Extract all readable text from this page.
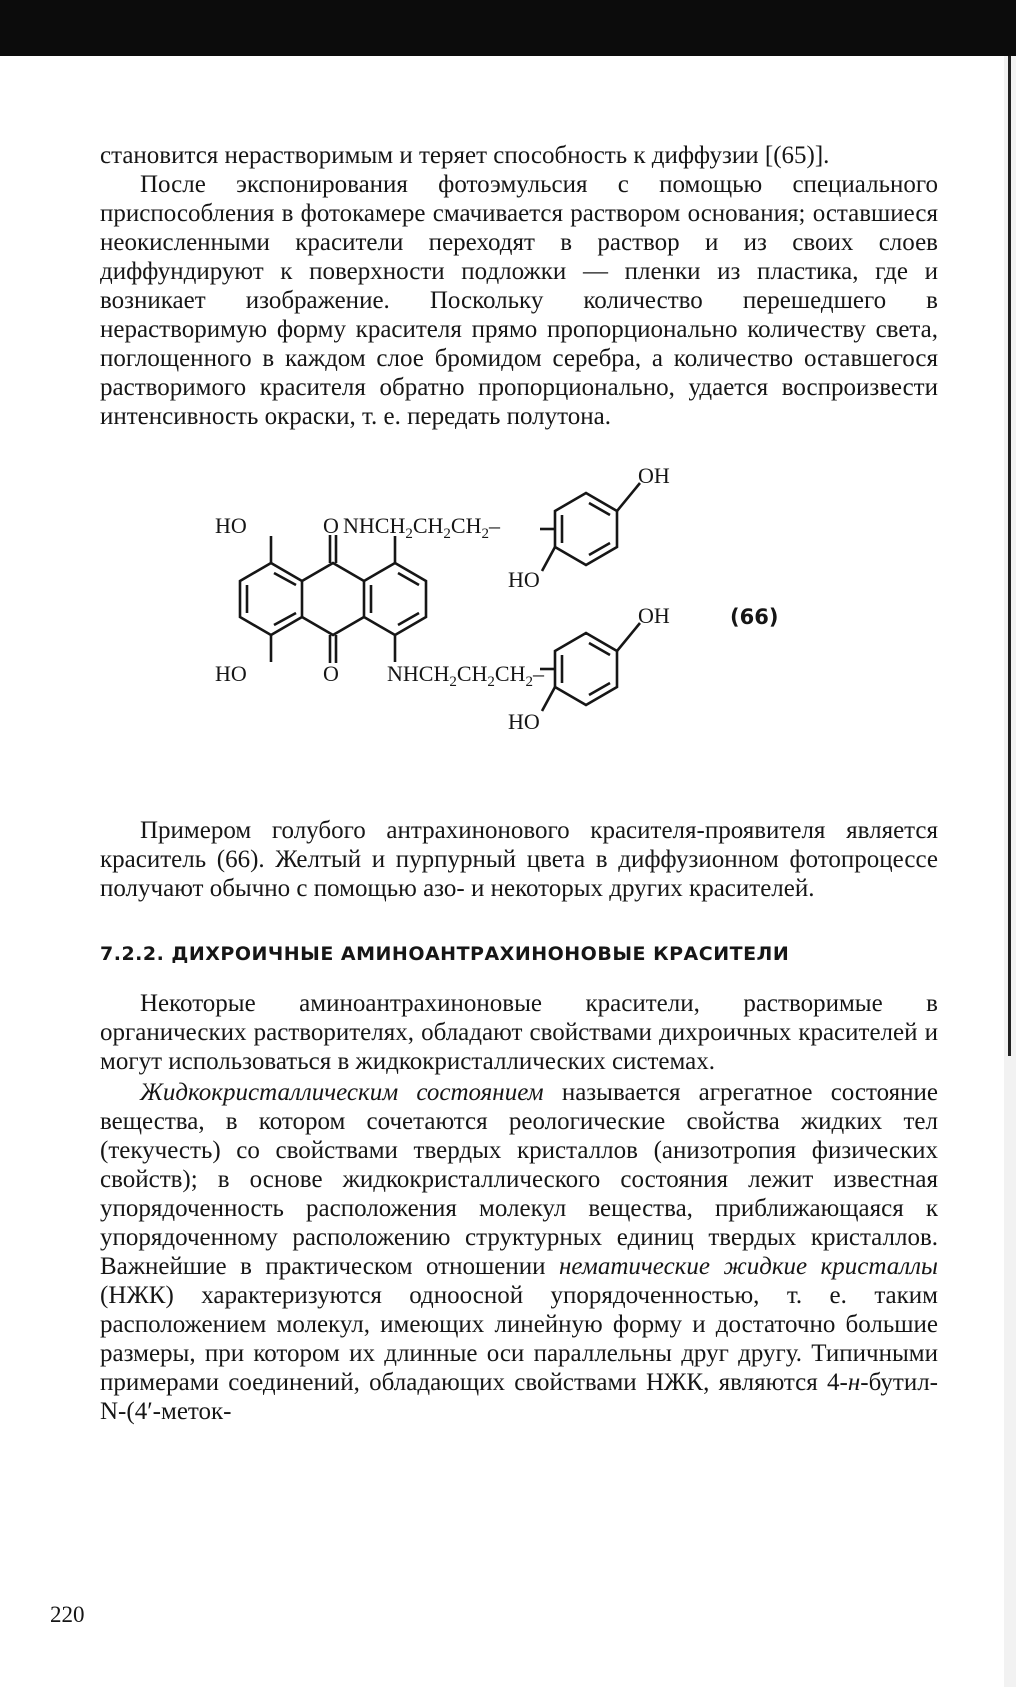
становится нерастворимым и теряет способность к диффузии [(65)].

После экспонирования фотоэмульсия с помощью специального приспособления в фотокамере смачивается раствором основания; оставшиеся неокисленными красители переходят в раствор и из своих слоев диффундируют к поверхности подложки — пленки из пластика, где и возникает изображение. Поскольку количество перешедшего в нерастворимую форму красителя прямо пропорционально количеству света, поглощенного в каждом слое бромидом серебра, а количество оставшегося растворимого красителя обратно пропорционально, удается воспроизвести интенсивность окраски, т. е. передать полутона.

HO	O $NHCH_2CH_2CH_2-$
OH
HO
OH
HO	O $NHCH_2CH_2CH_2-$
HO
(66)

Примером голубого антрахинонового красителя-проявителя является краситель (66). Желтый и пурпурный цвета в диффузионном фотопроцессе получают обычно с помощью азо- и некоторых других красителей.

7.2.2. ДИХРОИЧНЫЕ АМИНОАНТРАХИНОНОВЫЕ КРАСИТЕЛИ

Некоторые аминоантрахиноновые красители, растворимые в органических растворителях, обладают свойствами дихроичных красителей и могут использоваться в жидкокристаллических системах.

Жидкокристаллическим состоянием называется агрегатное состояние вещества, в котором сочетаются реологические свойства жидких тел (текучесть) со свойствами твердых кристаллов (анизотропия физических свойств); в основе жидкокристаллического состояния лежит известная упорядоченность расположения молекул вещества, приближающаяся к упорядоченному расположению структурных единиц твердых кристаллов. Важнейшие в практическом отношении нематические жидкие кристаллы (НЖК) характеризуются одноосной упорядоченностью, т. е. таким расположением молекул, имеющих линейную форму и достаточно большие размеры, при котором их длинные оси параллельны друг другу. Типичными примерами соединений, обладающих свойствами НЖК, являются 4-н-бутил-N-(4′-меток-

220
